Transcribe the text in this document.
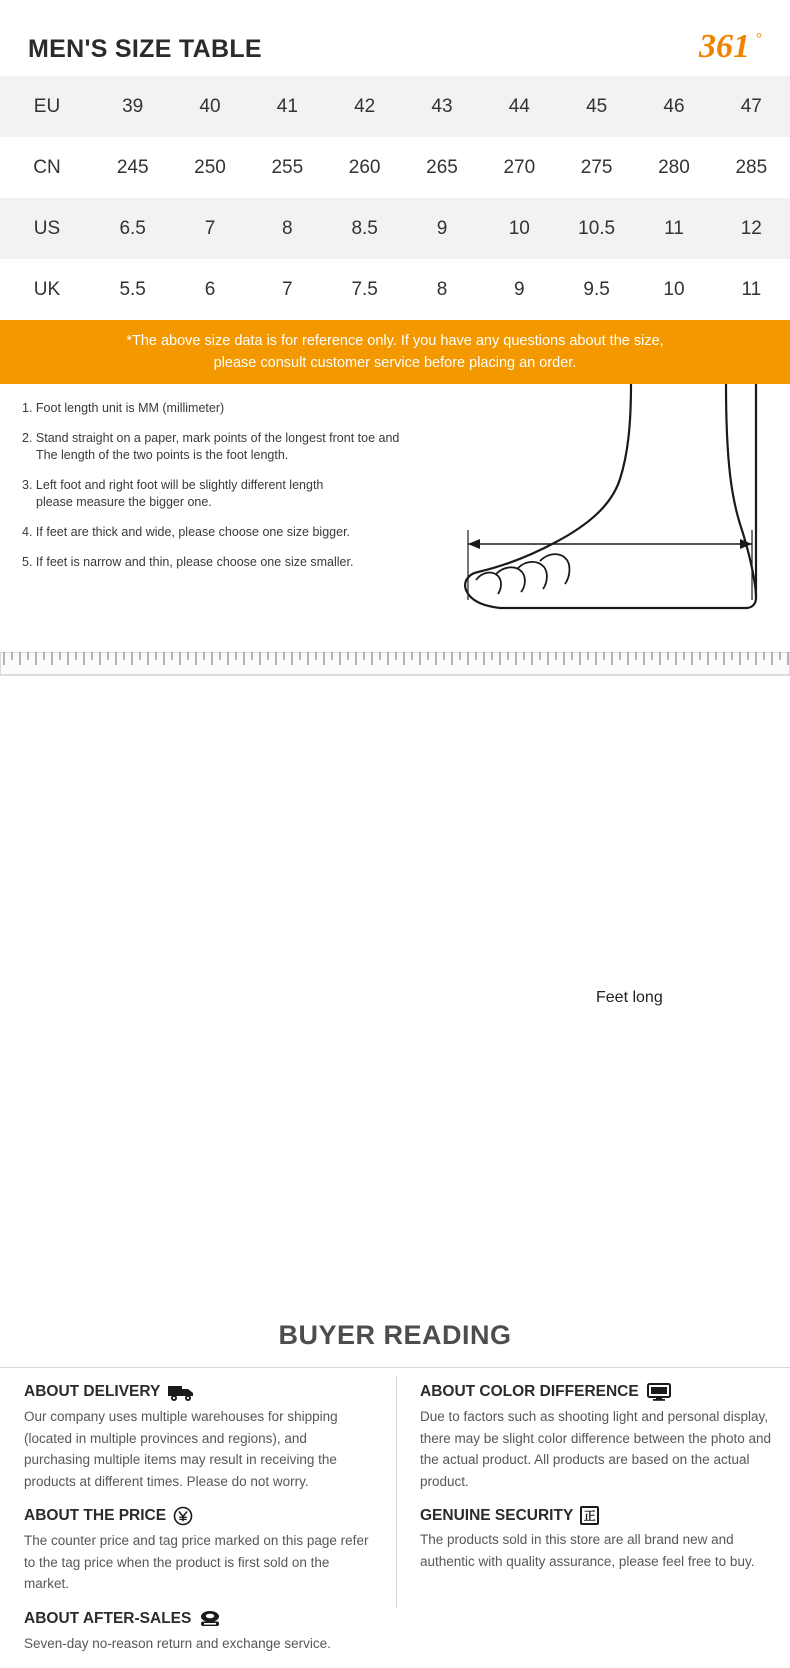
MEN'S SIZE TABLE	361 °
EU	39	40	41	42	43	44	45	46	47
CN	245	250	255	260	265	270	275	280	285
US	6.5	7	8	8.5	9	10	10.5	11	12
UK	5.5	6	7	7.5	8	9	9.5	10	11
*The above size data is for reference only. If you have any questions about the size,
please consult customer service before placing an order.
1. Foot length unit is MM (millimeter)
2. Stand straight on a paper, mark points of the longest front toe and
The length of the two points is the foot length.
3. Left foot and right foot will be slightly different length
please measure the bigger one.
4. If feet are thick and wide, please choose one size bigger.
5. If feet is narrow and thin, please choose one size smaller.
Feet long
BUYER READING
ABOUT DELIVERY
Our company uses multiple warehouses for shipping (located in multiple provinces and regions), and purchasing multiple items may result in receiving the products at different times. Please do not worry.
ABOUT THE PRICE
The counter price and tag price marked on this page refer to the tag price when the product is first sold on the market.
ABOUT AFTER-SALES
Seven-day no-reason return and exchange service.
ABOUT COLOR DIFFERENCE
Due to factors such as shooting light and personal display, there may be slight color difference between the photo and the actual product. All products are based on the actual product.
GENUINE SECURITY 正
The products sold in this store are all brand new and authentic with quality assurance, please feel free to buy.
